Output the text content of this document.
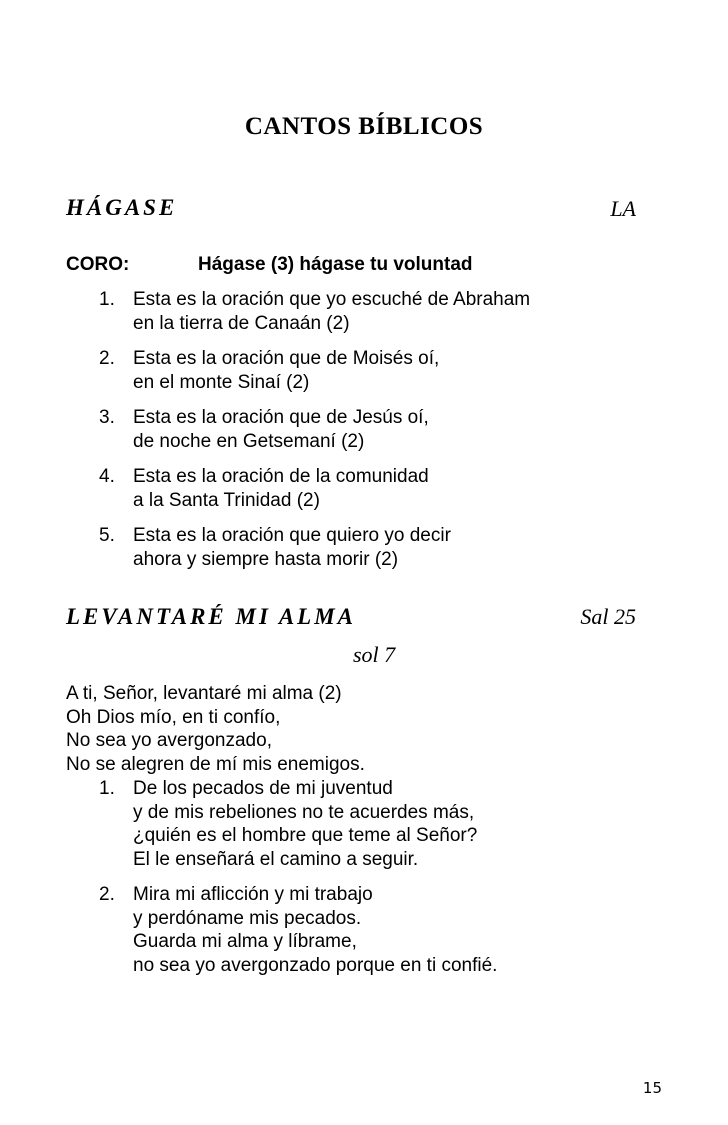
CANTOS BÍBLICOS
HÁGASE	LA
CORO:	Hágase (3) hágase tu voluntad
1. Esta es la oración que yo escuché de Abraham
en la tierra de Canaán (2)
2. Esta es la oración que de Moisés oí,
en el monte Sinaí (2)
3. Esta es la oración que de Jesús oí,
de noche en Getsemaní (2)
4. Esta es la oración de la comunidad
a la Santa Trinidad (2)
5. Esta es la oración que quiero yo decir
ahora y siempre hasta morir (2)
LEVANTARÉ MI ALMA	Sal 25
sol 7
A ti, Señor, levantaré mi alma (2)
Oh Dios mío, en ti confío,
No sea yo avergonzado,
No se alegren de mí mis enemigos.
1. De los pecados de mi juventud
y de mis rebeliones no te acuerdes más,
¿quién es el hombre que teme al Señor?
El le enseñará el camino a seguir.
2. Mira mi aflicción y mi trabajo
y perdóname mis pecados.
Guarda mi alma y líbrame,
no sea yo avergonzado porque en ti confié.
15
